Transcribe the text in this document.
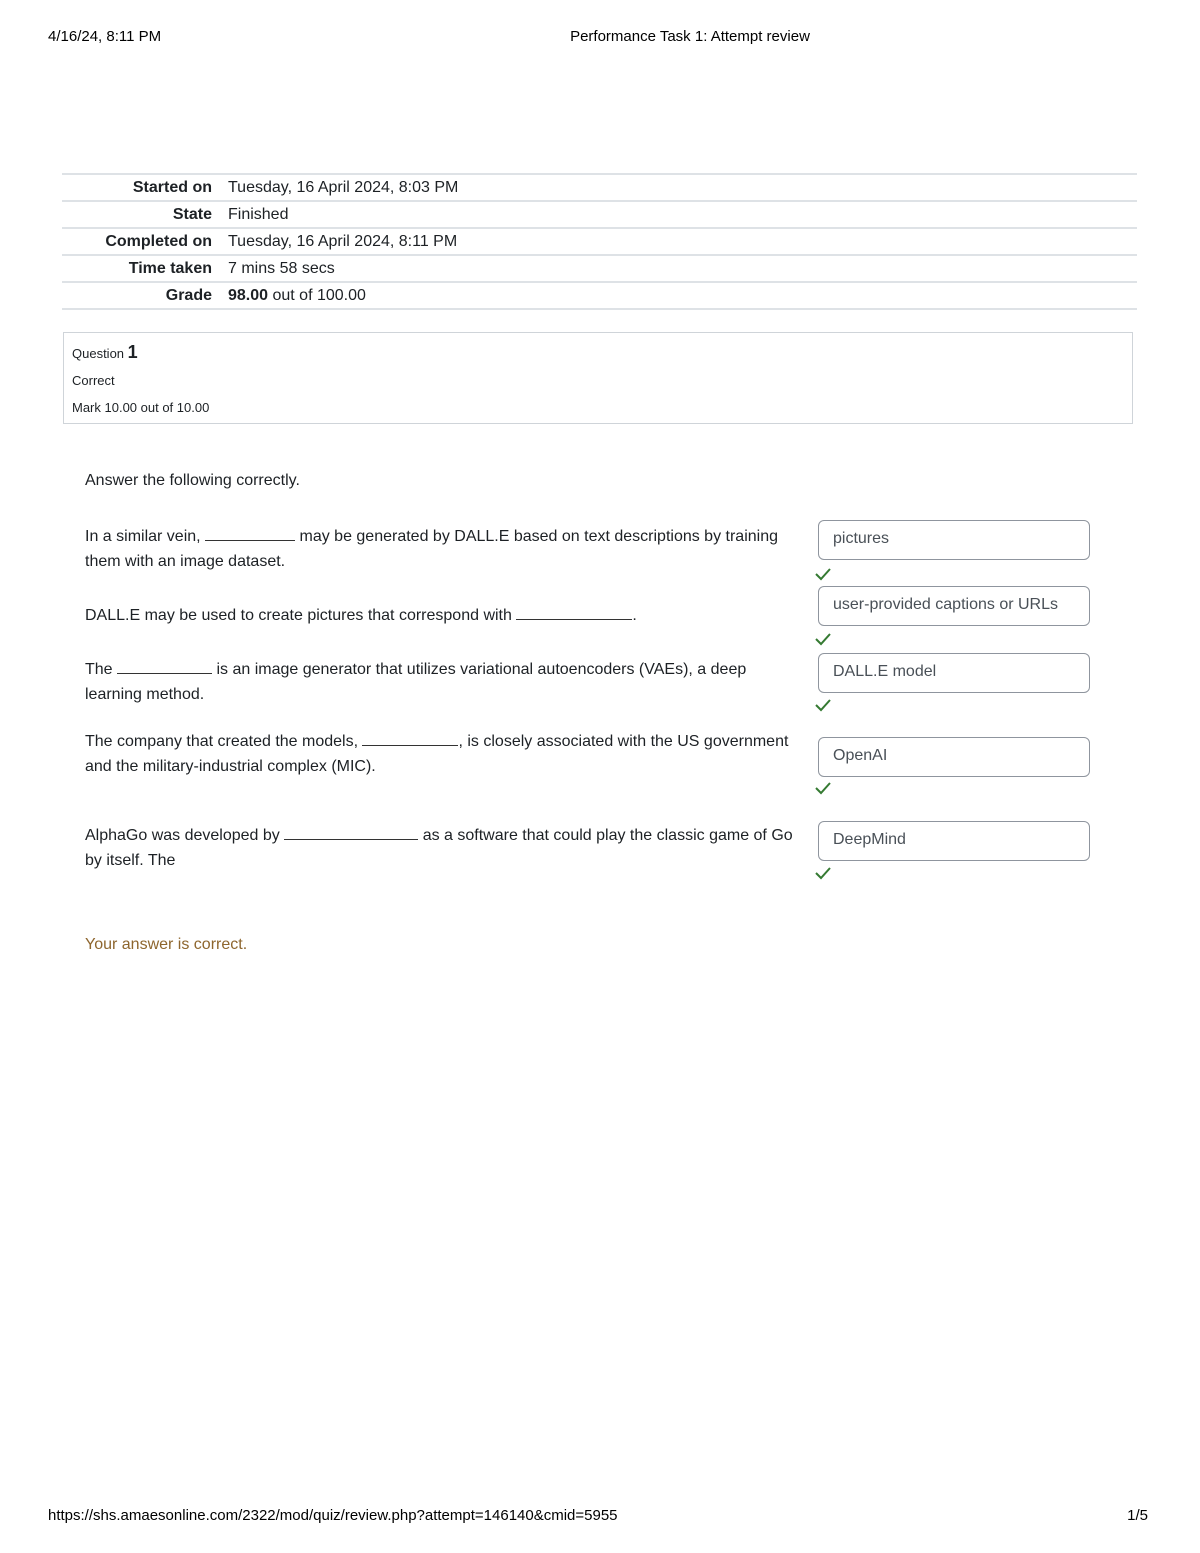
4/16/24, 8:11 PM	Performance Task 1: Attempt review
Started on	Tuesday, 16 April 2024, 8:03 PM
State	Finished
Completed on	Tuesday, 16 April 2024, 8:11 PM
Time taken	7 mins 58 secs
Grade	98.00 out of 100.00
Question 1
Correct
Mark 10.00 out of 10.00
Answer the following correctly.
In a similar vein,	may be generated by DALL.E based on text descriptions by training them with an image dataset.
pictures
DALL.E may be used to create pictures that correspond with	.
user-provided captions or URLs
The	is an image generator that utilizes variational autoencoders (VAEs), a deep learning method.
DALL.E model
The company that created the models,	, is closely associated with the US government and the military-industrial complex (MIC).
OpenAI
AlphaGo was developed by	as a software that could play the classic game of Go by itself. The
DeepMind
Your answer is correct.
https://shs.amaesonline.com/2322/mod/quiz/review.php?attempt=146140&cmid=5955	1/5
